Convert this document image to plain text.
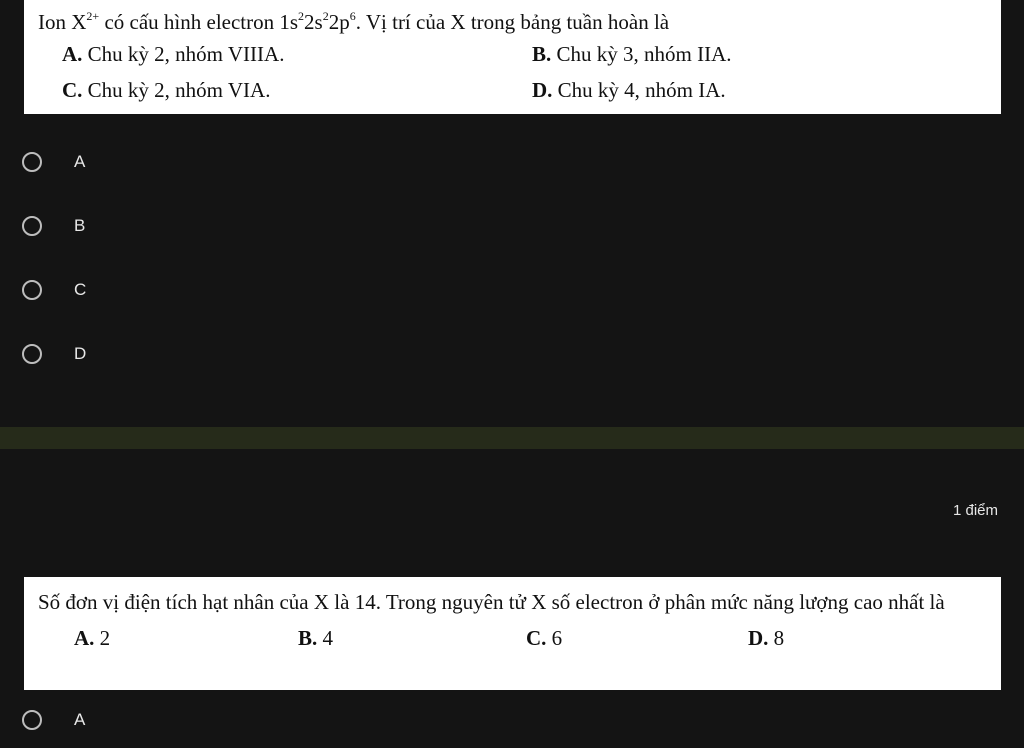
Ion $X^{2+}$ có cấu hình electron $1s^22s^22p^6$. Vị trí của X trong bảng tuần hoàn là
A. Chu kỳ 2, nhóm VIIIA.	B. Chu kỳ 3, nhóm IIA.
C. Chu kỳ 2, nhóm VIA.	D. Chu kỳ 4, nhóm IA.
A
B
C
D
1 điểm
Số đơn vị điện tích hạt nhân của X là 14. Trong nguyên tử X số electron ở phân mức năng lượng cao nhất là
A. 2	B. 4	C. 6	D. 8
A
